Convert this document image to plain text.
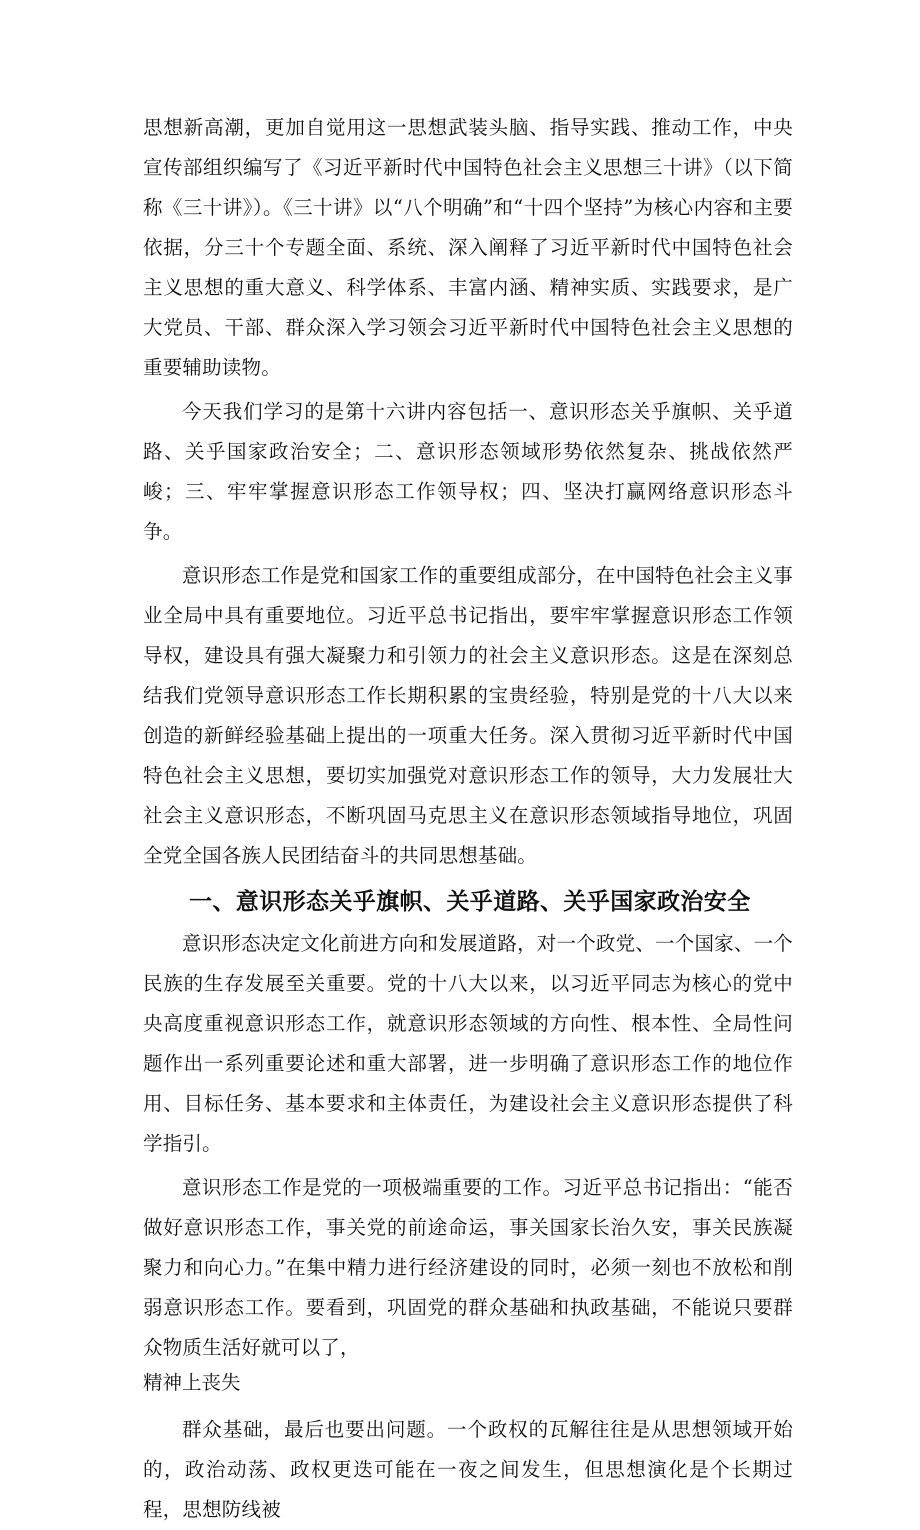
思想新高潮，更加自觉用这一思想武装头脑、指导实践、推动工作，中央宣传部组织编写了《习近平新时代中国特色社会主义思想三十讲》（以下简称《三十讲》）。《三十讲》以“八个明确”和“十四个坚持”为核心内容和主要依据，分三十个专题全面、系统、深入阐释了习近平新时代中国特色社会主义思想的重大意义、科学体系、丰富内涵、精神实质、实践要求，是广大党员、干部、群众深入学习领会习近平新时代中国特色社会主义思想的重要辅助读物。

今天我们学习的是第十六讲内容包括一、意识形态关乎旗帜、关乎道路、关乎国家政治安全；二、意识形态领域形势依然复杂、挑战依然严峻；三、牢牢掌握意识形态工作领导权；四、坚决打赢网络意识形态斗争。

意识形态工作是党和国家工作的重要组成部分，在中国特色社会主义事业全局中具有重要地位。习近平总书记指出，要牢牢掌握意识形态工作领导权，建设具有强大凝聚力和引领力的社会主义意识形态。这是在深刻总结我们党领导意识形态工作长期积累的宝贵经验，特别是党的十八大以来创造的新鲜经验基础上提出的一项重大任务。深入贯彻习近平新时代中国特色社会主义思想，要切实加强党对意识形态工作的领导，大力发展壮大社会主义意识形态，不断巩固马克思主义在意识形态领域指导地位，巩固全党全国各族人民团结奋斗的共同思想基础。

一、意识形态关乎旗帜、关乎道路、关乎国家政治安全

意识形态决定文化前进方向和发展道路，对一个政党、一个国家、一个民族的生存发展至关重要。党的十八大以来，以习近平同志为核心的党中央高度重视意识形态工作，就意识形态领域的方向性、根本性、全局性问题作出一系列重要论述和重大部署，进一步明确了意识形态工作的地位作用、目标任务、基本要求和主体责任，为建设社会主义意识形态提供了科学指引。

意识形态工作是党的一项极端重要的工作。习近平总书记指出：“能否做好意识形态工作，事关党的前途命运，事关国家长治久安，事关民族凝聚力和向心力。”在集中精力进行经济建设的同时，必须一刻也不放松和削弱意识形态工作。要看到，巩固党的群众基础和执政基础，不能说只要群众物质生活好就可以了，

精神上丧失

群众基础，最后也要出问题。一个政权的瓦解往往是从思想领域开始的，政治动荡、政权更迭可能在一夜之间发生，但思想演化是个长期过程，思想防线被
